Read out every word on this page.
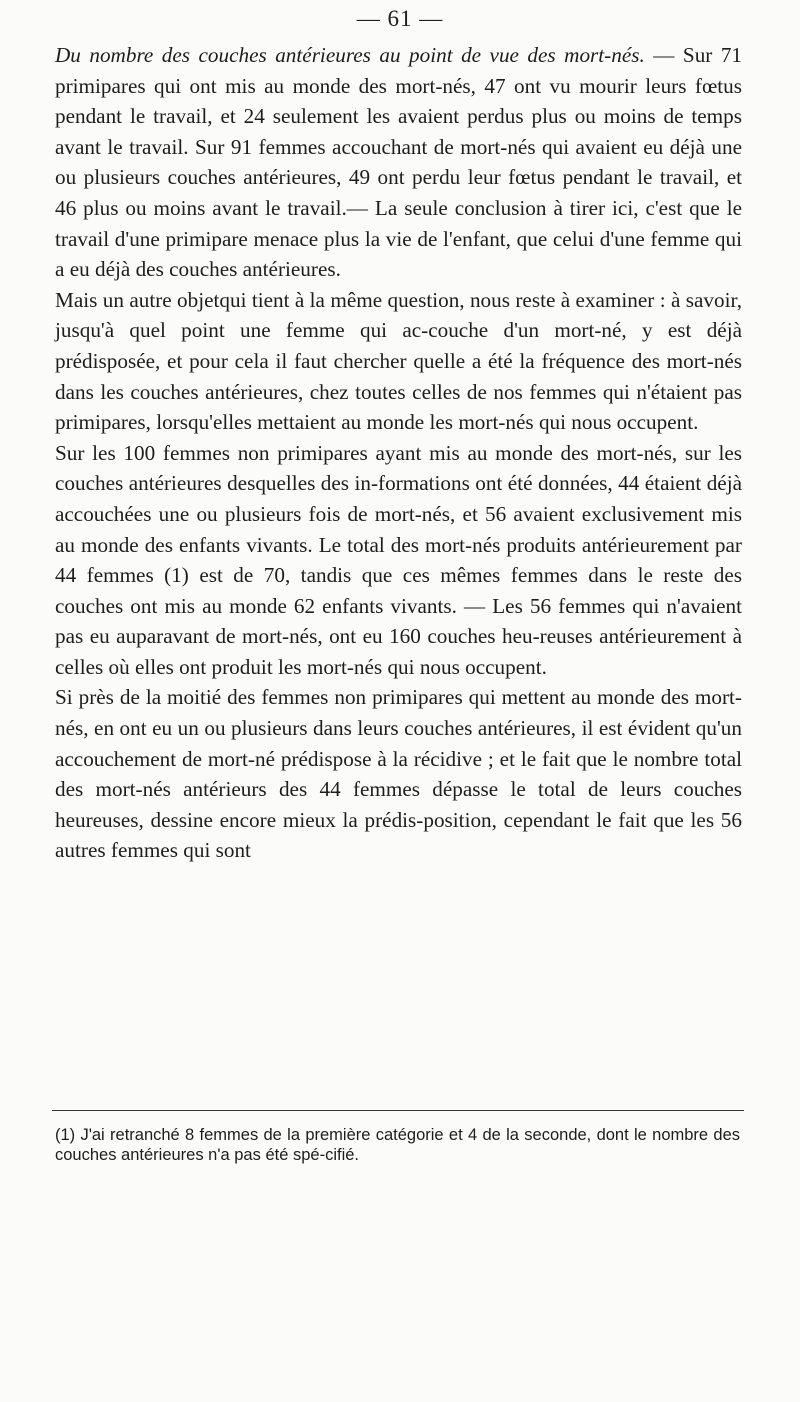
— 61 —

Du nombre des couches antérieures au point de vue des mort-nés. — Sur 71 primipares qui ont mis au monde des mort-nés, 47 ont vu mourir leurs fœtus pendant le travail, et 24 seulement les avaient perdus plus ou moins de temps avant le travail. Sur 91 femmes accouchant de mort-nés qui avaient eu déjà une ou plusieurs couches antérieures, 49 ont perdu leur fœtus pendant le travail, et 46 plus ou moins avant le travail.— La seule conclusion à tirer ici, c'est que le travail d'une primipare menace plus la vie de l'enfant, que celui d'une femme qui a eu déjà des couches antérieures.

Mais un autre objetqui tient à la même question, nous reste à examiner : à savoir, jusqu'à quel point une femme qui ac-couche d'un mort-né, y est déjà prédisposée, et pour cela il faut chercher quelle a été la fréquence des mort-nés dans les couches antérieures, chez toutes celles de nos femmes qui n'étaient pas primipares, lorsqu'elles mettaient au monde les mort-nés qui nous occupent.

Sur les 100 femmes non primipares ayant mis au monde des mort-nés, sur les couches antérieures desquelles des in-formations ont été données, 44 étaient déjà accouchées une ou plusieurs fois de mort-nés, et 56 avaient exclusivement mis au monde des enfants vivants. Le total des mort-nés produits antérieurement par 44 femmes (1) est de 70, tandis que ces mêmes femmes dans le reste des couches ont mis au monde 62 enfants vivants. — Les 56 femmes qui n'avaient pas eu auparavant de mort-nés, ont eu 160 couches heu-reuses antérieurement à celles où elles ont produit les mort-nés qui nous occupent.

Si près de la moitié des femmes non primipares qui mettent au monde des mort-nés, en ont eu un ou plusieurs dans leurs couches antérieures, il est évident qu'un accouchement de mort-né prédispose à la récidive ; et le fait que le nombre total des mort-nés antérieurs des 44 femmes dépasse le total de leurs couches heureuses, dessine encore mieux la prédis-position, cependant le fait que les 56 autres femmes qui sont

(1) J'ai retranché 8 femmes de la première catégorie et 4 de la seconde, dont le nombre des couches antérieures n'a pas été spé-cifié.
